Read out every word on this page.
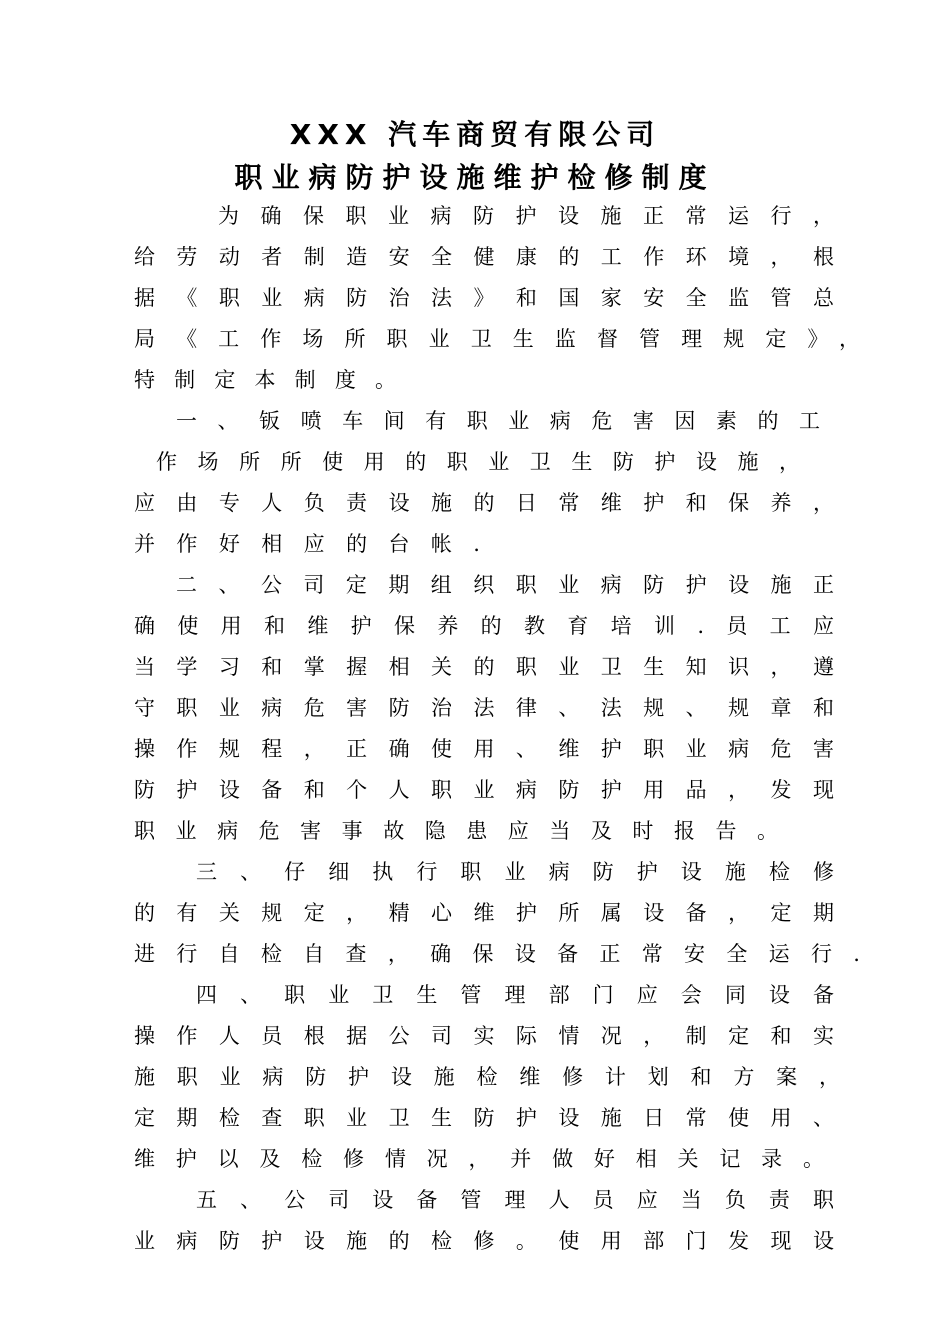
XXX 汽车商贸有限公司
职业病防护设施维护检修制度
为确保职业病防护设施正常运行，
给劳动者制造安全健康的工作环境，根
据《职业病防治法》和国家安全监管总
局《工作场所职业卫生监督管理规定》，
特制定本制度。
一、钣喷车间有职业病危害因素的工
作场所所使用的职业卫生防护设施，
应由专人负责设施的日常维护和保养，
并作好相应的台帐.
二、公司定期组织职业病防护设施正
确使用和维护保养的教育培训.员工应
当学习和掌握相关的职业卫生知识，遵
守职业病危害防治法律、法规、规章和
操作规程，正确使用、维护职业病危害
防护设备和个人职业病防护用品，发现
职业病危害事故隐患应当及时报告。
三、仔细执行职业病防护设施检修
的有关规定，精心维护所属设备，定期
进行自检自查，确保设备正常安全运行.
四、职业卫生管理部门应会同设备
操作人员根据公司实际情况，制定和实
施职业病防护设施检维修计划和方案，
定期检查职业卫生防护设施日常使用、
维护以及检修情况，并做好相关记录。
五、公司设备管理人员应当负责职
业病防护设施的检修。使用部门发现设
